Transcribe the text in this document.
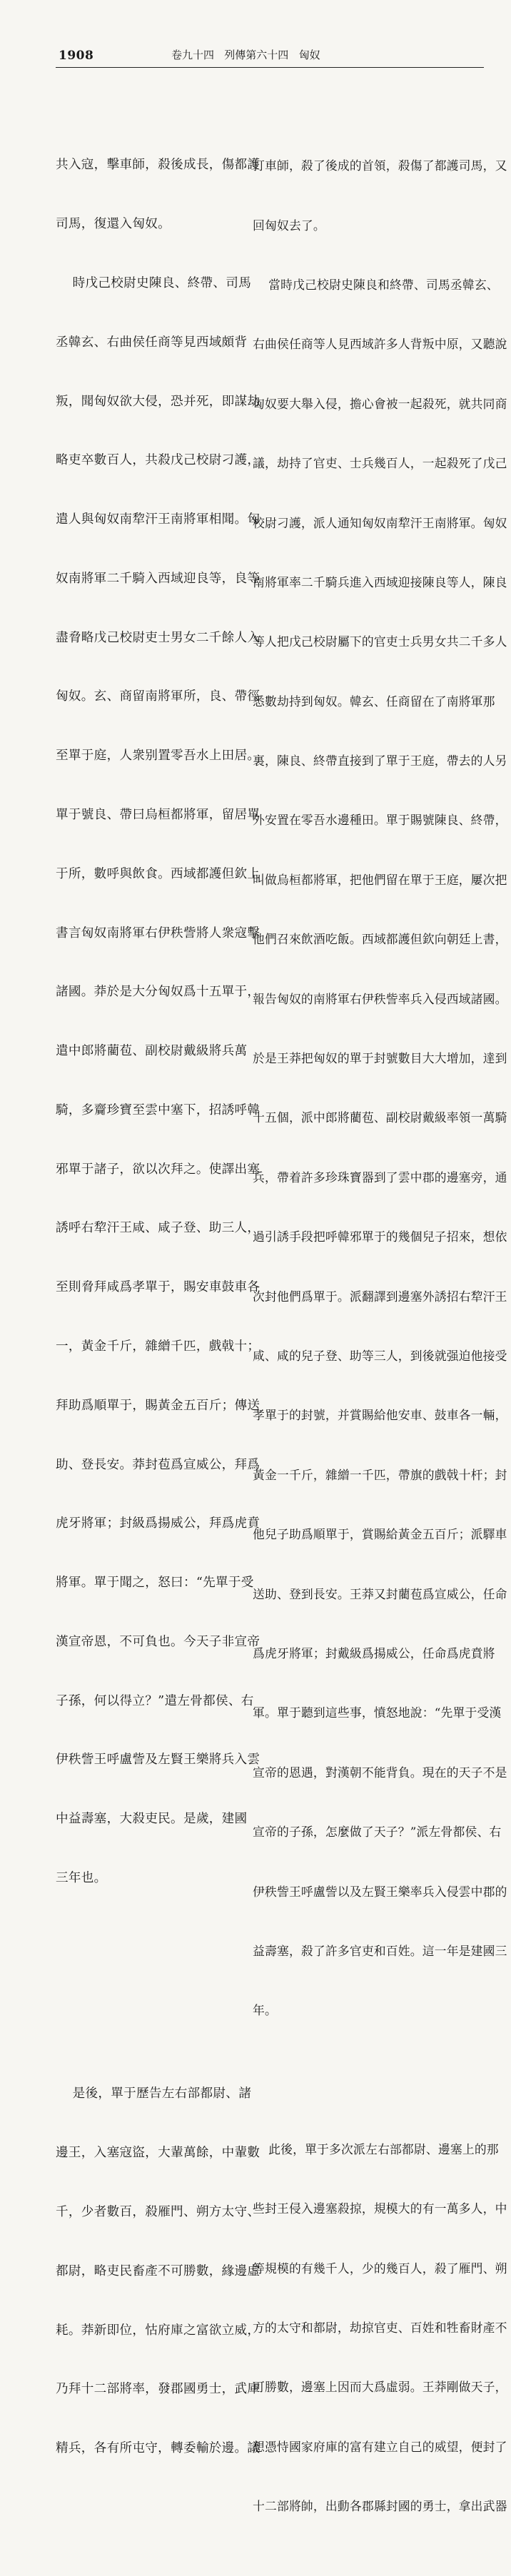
1908	卷九十四   列傳第六十四   匈奴

共入寇，擊車師，殺後成長，傷都護

司馬，復還入匈奴。

時戊己校尉史陳良、終帶、司馬

丞韓玄、右曲侯任商等見西域頗背

叛，聞匈奴欲大侵，恐并死，即謀劫

略吏卒數百人，共殺戊己校尉刁護，

遣人與匈奴南犂汗王南將軍相聞。匈

奴南將軍二千騎入西域迎良等，良等

盡脅略戊己校尉吏士男女二千餘人入

匈奴。玄、商留南將軍所，良、帶徑

至單于庭，人衆别置零吾水上田居。

單于號良、帶曰烏桓都將軍，留居單

于所，數呼與飲食。西域都護但欽上

書言匈奴南將軍右伊秩訾將人衆寇擊

諸國。莽於是大分匈奴爲十五單于，

遣中郎將藺苞、副校尉戴級將兵萬

騎，多齎珍寶至雲中塞下，招誘呼韓

邪單于諸子，欲以次拜之。使譯出塞

誘呼右犂汗王咸、咸子登、助三人，

至則脅拜咸爲孝單于，賜安車鼓車各

一，黃金千斤，雜繒千匹，戲戟十；

拜助爲順單于，賜黃金五百斤；傳送

助、登長安。莽封苞爲宣威公，拜爲

虎牙將軍；封級爲揚威公，拜爲虎賁

將軍。單于聞之，怒曰：“先單于受

漢宣帝恩，不可負也。今天子非宣帝

子孫，何以得立？”遣左骨都侯、右

伊秩訾王呼盧訾及左賢王樂將兵入雲

中益壽塞，大殺吏民。是歲，建國

三年也。

是後，單于歷告左右部都尉、諸

邊王，入塞寇盜，大輩萬餘，中輩數

千，少者數百，殺雁門、朔方太守、

都尉，略吏民畜產不可勝數，緣邊虛

耗。莽新即位，怙府庫之富欲立威，

乃拜十二部將率，發郡國勇士，武庫

精兵，各有所屯守，轉委輸於邊。議

打車師，殺了後成的首領，殺傷了都護司馬，又

回匈奴去了。

當時戊己校尉史陳良和終帶、司馬丞韓玄、

右曲侯任商等人見西域許多人背叛中原，又聽說

匈奴要大舉入侵，擔心會被一起殺死，就共同商

議，劫持了官吏、士兵幾百人，一起殺死了戊己

校尉刁護，派人通知匈奴南犂汗王南將軍。匈奴

南將軍率二千騎兵進入西域迎接陳良等人，陳良

等人把戊己校尉屬下的官吏士兵男女共二千多人

悉數劫持到匈奴。韓玄、任商留在了南將軍那

裏，陳良、終帶直接到了單于王庭，帶去的人另

外安置在零吾水邊種田。單于賜號陳良、終帶，

叫做烏桓都將軍，把他們留在單于王庭，屢次把

他們召來飲酒吃飯。西域都護但欽向朝廷上書，

報告匈奴的南將軍右伊秩訾率兵入侵西域諸國。

於是王莽把匈奴的單于封號數目大大增加，達到

十五個，派中郎將藺苞、副校尉戴級率領一萬騎

兵，帶着許多珍珠寶器到了雲中郡的邊塞旁，通

過引誘手段把呼韓邪單于的幾個兒子招來，想依

次封他們爲單于。派翻譯到邊塞外誘招右犂汗王

咸、咸的兒子登、助等三人，到後就强迫他接受

孝單于的封號，并賞賜給他安車、鼓車各一輛，

黃金一千斤，雜繒一千匹，帶旗的戲戟十杆；封

他兒子助爲順單于，賞賜給黃金五百斤；派驛車

送助、登到長安。王莽又封藺苞爲宣威公，任命

爲虎牙將軍；封戴級爲揚威公，任命爲虎賁將

軍。單于聽到這些事，憤怒地說：“先單于受漢

宣帝的恩遇，對漢朝不能背負。現在的天子不是

宣帝的子孫，怎麼做了天子？”派左骨都侯、右

伊秩訾王呼盧訾以及左賢王樂率兵入侵雲中郡的

益壽塞，殺了許多官吏和百姓。這一年是建國三

年。

此後，單于多次派左右部都尉、邊塞上的那

些封王侵入邊塞殺掠，規模大的有一萬多人，中

等規模的有幾千人，少的幾百人，殺了雁門、朔

方的太守和都尉，劫掠官吏、百姓和牲畜財產不

可勝數，邊塞上因而大爲虛弱。王莽剛做天子，

想憑恃國家府庫的富有建立自己的威望，便封了

十二部將帥，出動各郡縣封國的勇士，拿出武器
